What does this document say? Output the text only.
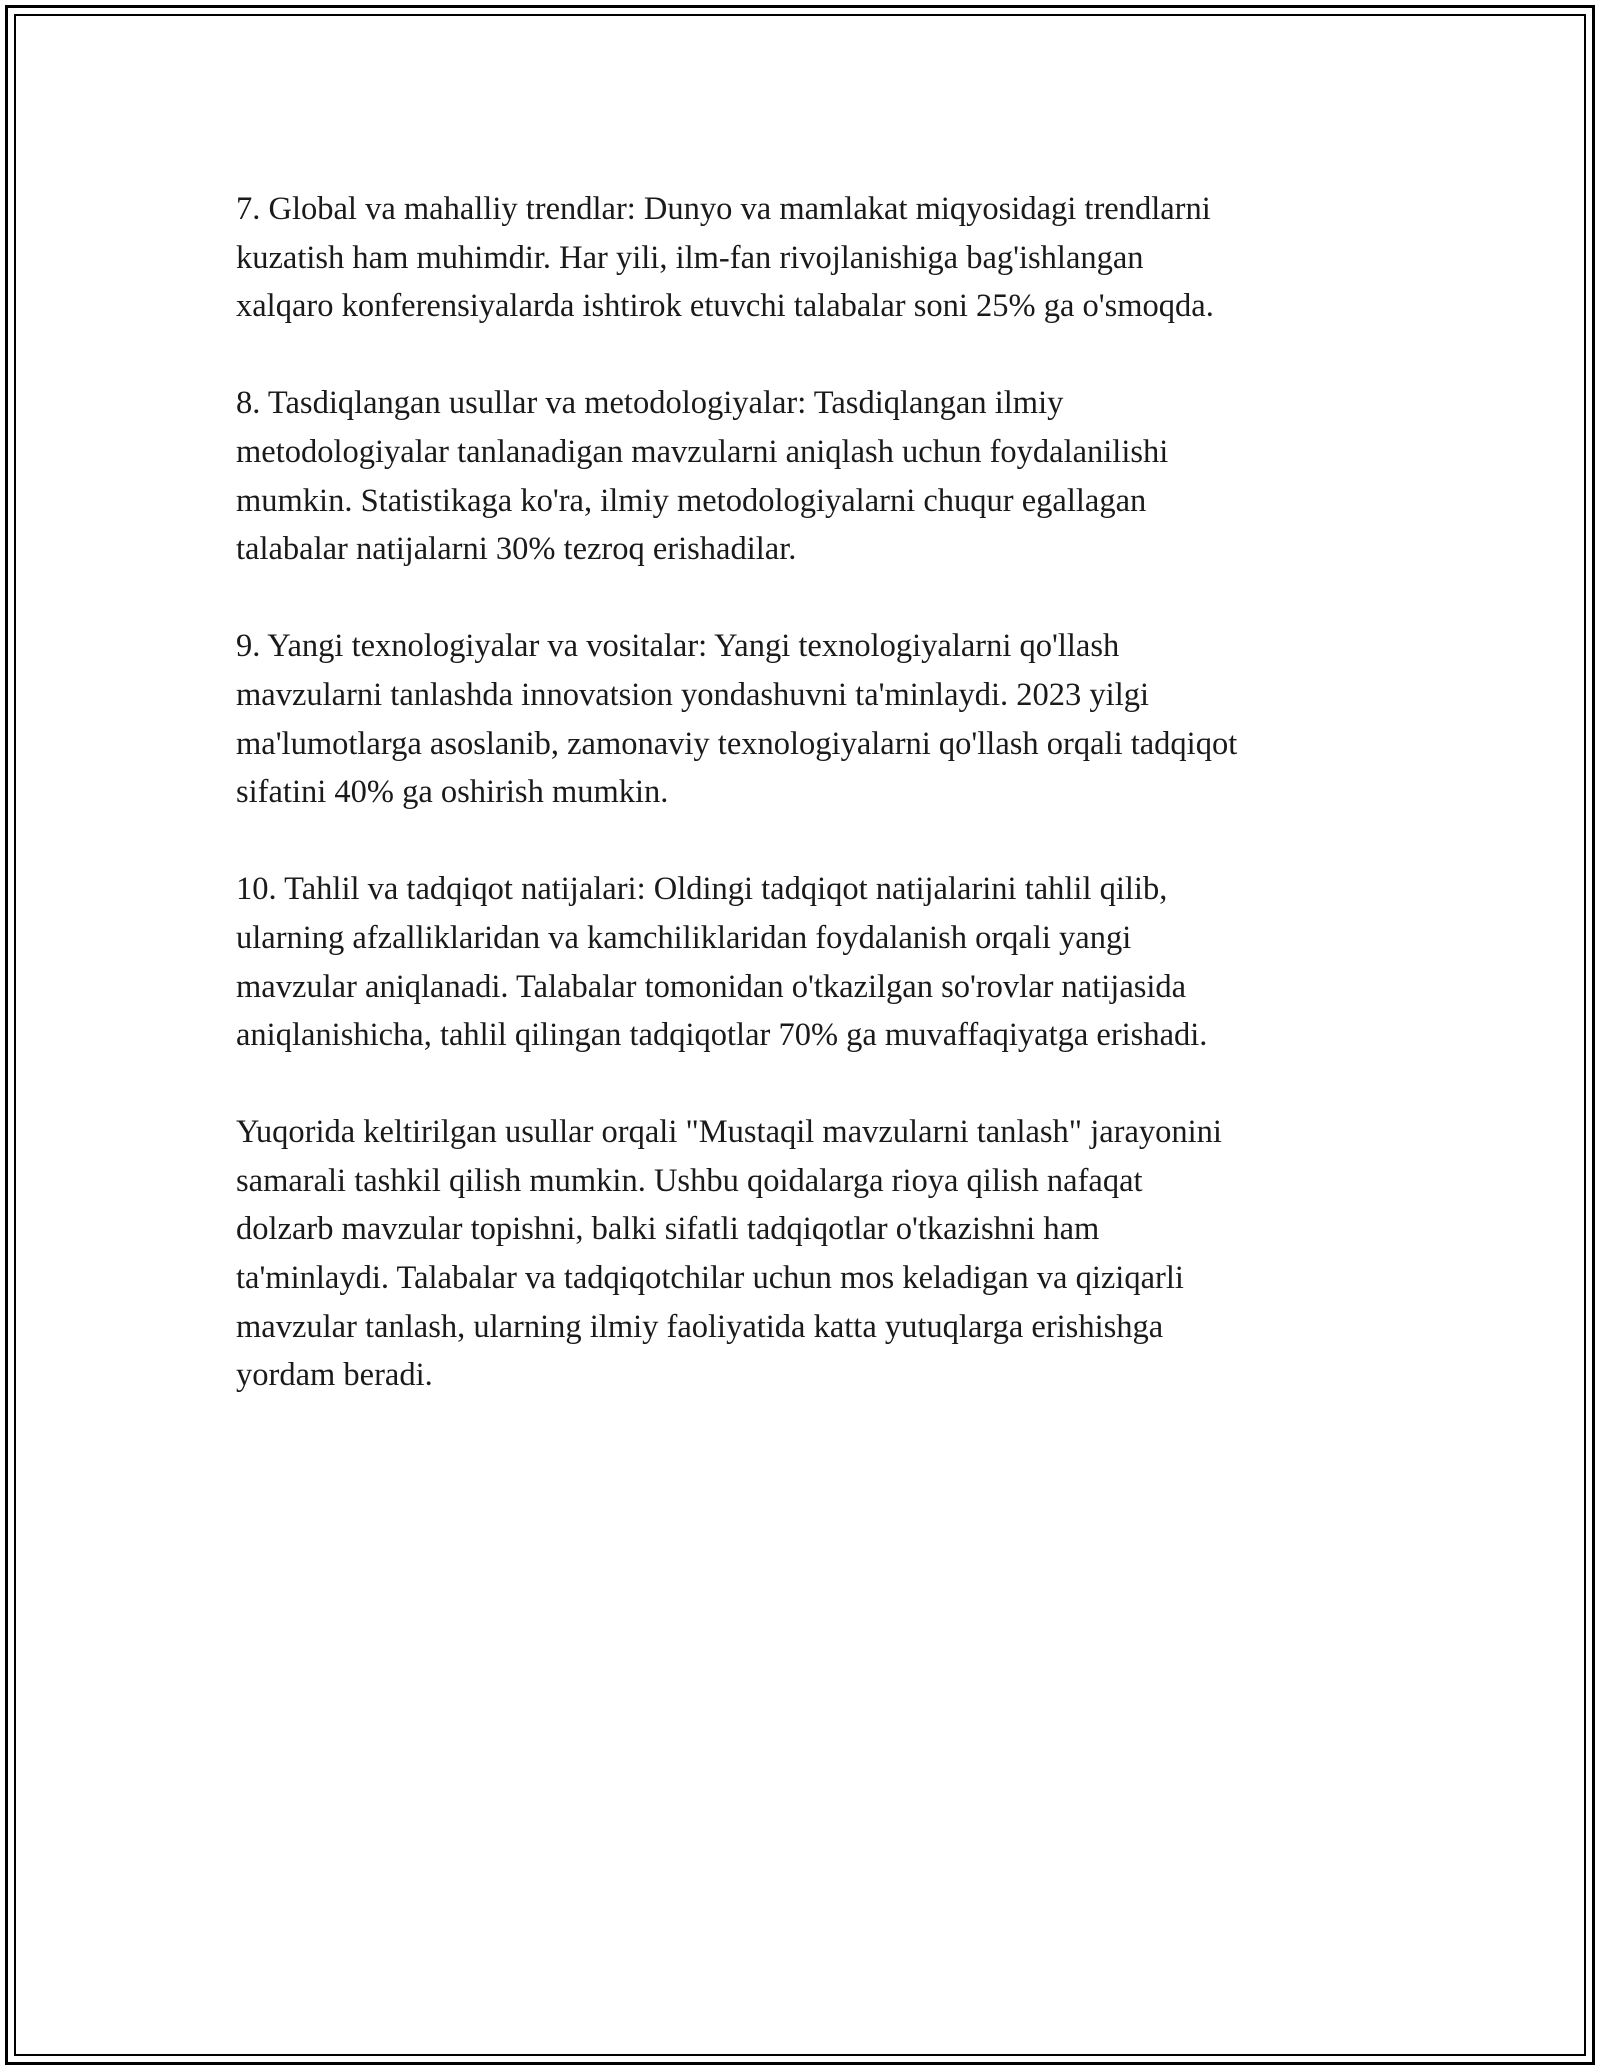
7. Global va mahalliy trendlar: Dunyo va mamlakat miqyosidagi trendlarni
kuzatish ham muhimdir. Har yili, ilm-fan rivojlanishiga bag'ishlangan
xalqaro konferensiyalarda ishtirok etuvchi talabalar soni 25% ga o'smoqda.

8. Tasdiqlangan usullar va metodologiyalar: Tasdiqlangan ilmiy
metodologiyalar tanlanadigan mavzularni aniqlash uchun foydalanilishi
mumkin. Statistikaga ko'ra, ilmiy metodologiyalarni chuqur egallagan
talabalar natijalarni 30% tezroq erishadilar.

9. Yangi texnologiyalar va vositalar: Yangi texnologiyalarni qo'llash
mavzularni tanlashda innovatsion yondashuvni ta'minlaydi. 2023 yilgi
ma'lumotlarga asoslanib, zamonaviy texnologiyalarni qo'llash orqali tadqiqot
sifatini 40% ga oshirish mumkin.

10. Tahlil va tadqiqot natijalari: Oldingi tadqiqot natijalarini tahlil qilib,
ularning afzalliklaridan va kamchiliklaridan foydalanish orqali yangi
mavzular aniqlanadi. Talabalar tomonidan o'tkazilgan so'rovlar natijasida
aniqlanishicha, tahlil qilingan tadqiqotlar 70% ga muvaffaqiyatga erishadi.

Yuqorida keltirilgan usullar orqali "Mustaqil mavzularni tanlash" jarayonini
samarali tashkil qilish mumkin. Ushbu qoidalarga rioya qilish nafaqat
dolzarb mavzular topishni, balki sifatli tadqiqotlar o'tkazishni ham
ta'minlaydi. Talabalar va tadqiqotchilar uchun mos keladigan va qiziqarli
mavzular tanlash, ularning ilmiy faoliyatida katta yutuqlarga erishishga
yordam beradi.
